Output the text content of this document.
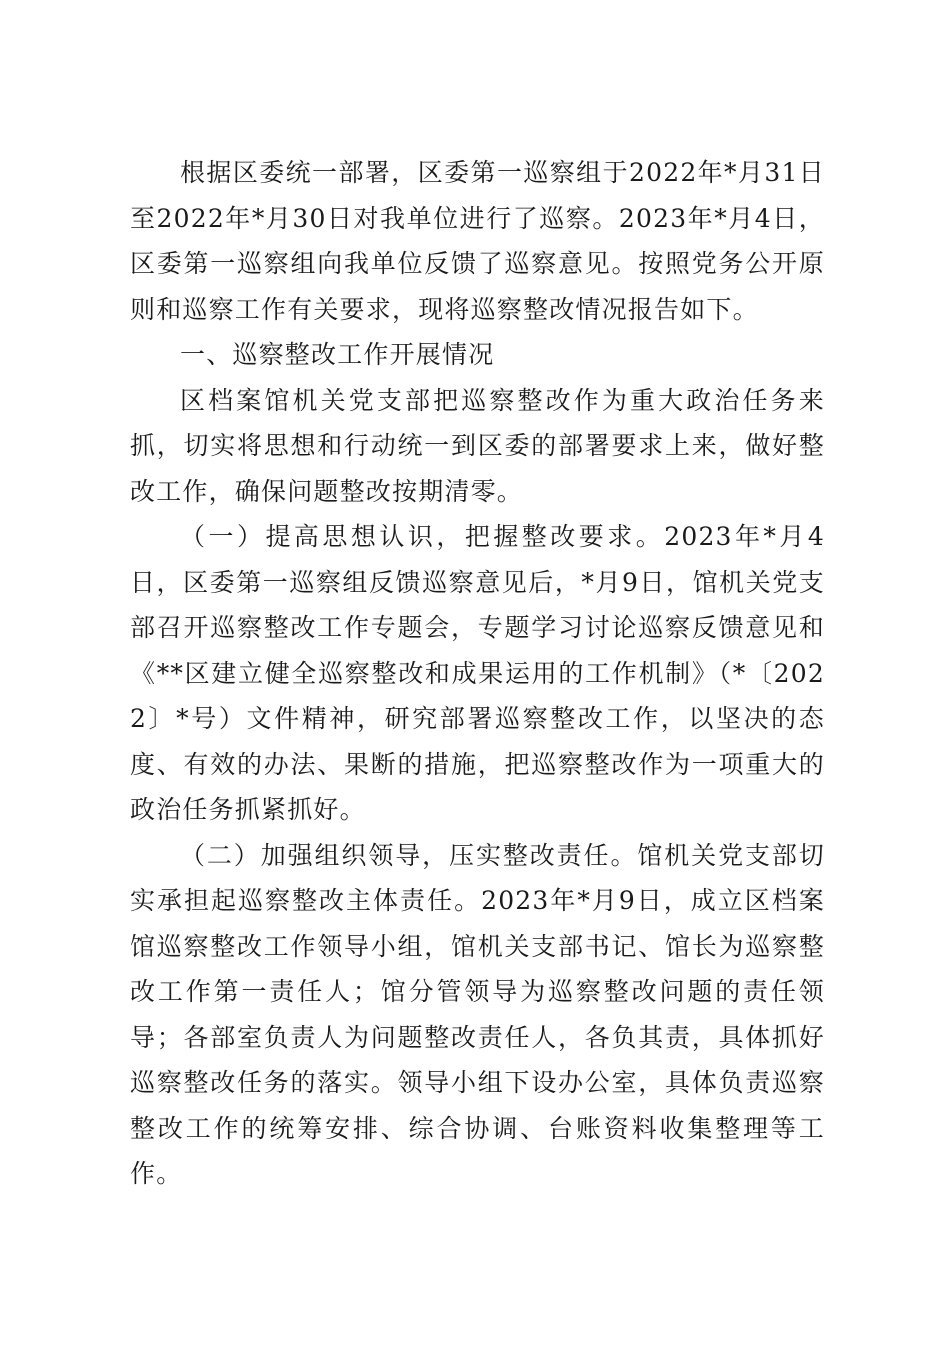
根据区委统一部署，区委第一巡察组于2022年*月31日至2022年*月30日对我单位进行了巡察。2023年*月4日，区委第一巡察组向我单位反馈了巡察意见。按照党务公开原则和巡察工作有关要求，现将巡察整改情况报告如下。

一、巡察整改工作开展情况

区档案馆机关党支部把巡察整改作为重大政治任务来抓，切实将思想和行动统一到区委的部署要求上来，做好整改工作，确保问题整改按期清零。

（一）提高思想认识，把握整改要求。2023年*月4日，区委第一巡察组反馈巡察意见后，*月9日，馆机关党支部召开巡察整改工作专题会，专题学习讨论巡察反馈意见和《**区建立健全巡察整改和成果运用的工作机制》（*〔2022〕*号）文件精神，研究部署巡察整改工作，以坚决的态度、有效的办法、果断的措施，把巡察整改作为一项重大的政治任务抓紧抓好。

（二）加强组织领导，压实整改责任。馆机关党支部切实承担起巡察整改主体责任。2023年*月9日，成立区档案馆巡察整改工作领导小组，馆机关支部书记、馆长为巡察整改工作第一责任人；馆分管领导为巡察整改问题的责任领导；各部室负责人为问题整改责任人，各负其责，具体抓好巡察整改任务的落实。领导小组下设办公室，具体负责巡察整改工作的统筹安排、综合协调、台账资料收集整理等工作。
